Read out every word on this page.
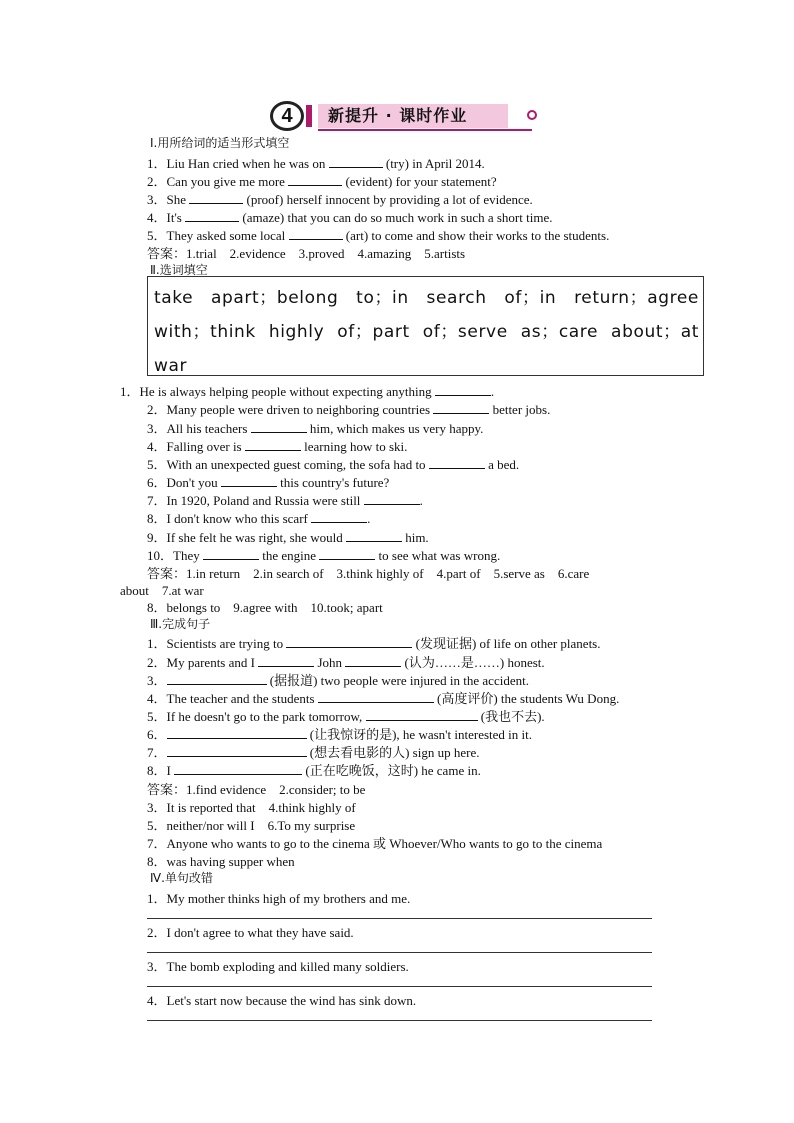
4	新提升 · 课时作业
Ⅰ.用所给词的适当形式填空
1．Liu Han cried when he was on	(try) in April 2014.
2．Can you give me more	(evident) for your statement?
3．She	(proof) herself innocent by providing a lot of evidence.
4．It's	(amaze) that you can do so much work in such a short time.
5．They asked some local	(art) to come and show their works to the students.
答案：1.trial　2.evidence　3.proved　4.amazing　5.artists
Ⅱ.选词填空
take apart；belong to；in search of；in return；agree with；think highly of；part of；serve as；care about；at war
1．He is always helping people without expecting anything	.
2．Many people were driven to neighboring countries	better jobs.
3．All his teachers	him, which makes us very happy.
4．Falling over is	learning how to ski.
5．With an unexpected guest coming, the sofa had to	a bed.
6．Don't you	this country's future?
7．In 1920, Poland and Russia were still	.
8．I don't know who this scarf	.
9．If she felt he was right, she would	him.
10．They	the engine	to see what was wrong.
答案：1.in return　2.in search of　3.think highly of　4.part of　5.serve as　6.care
about　7.at war
8．belongs to　9.agree with　10.took; apart
Ⅲ.完成句子
1．Scientists are trying to	(发现证据) of life on other planets.
2．My parents and I	John	(认为……是……) honest.
3．	(据报道) two people were injured in the accident.
4．The teacher and the students	(高度评价) the students Wu Dong.
5．If he doesn't go to the park tomorrow,	(我也不去).
6．	(让我惊讶的是), he wasn't interested in it.
7．	(想去看电影的人) sign up here.
8．I	(正在吃晚饭，这时) he came in.
答案：1.find evidence　2.consider; to be
3．It is reported that　4.think highly of
5．neither/nor will I　6.To my surprise
7．Anyone who wants to go to the cinema 或 Whoever/Who wants to go to the cinema
8．was having supper when
Ⅳ.单句改错
1．My mother thinks high of my brothers and me.
2．I don't agree to what they have said.
3．The bomb exploding and killed many soldiers.
4．Let's start now because the wind has sink down.
